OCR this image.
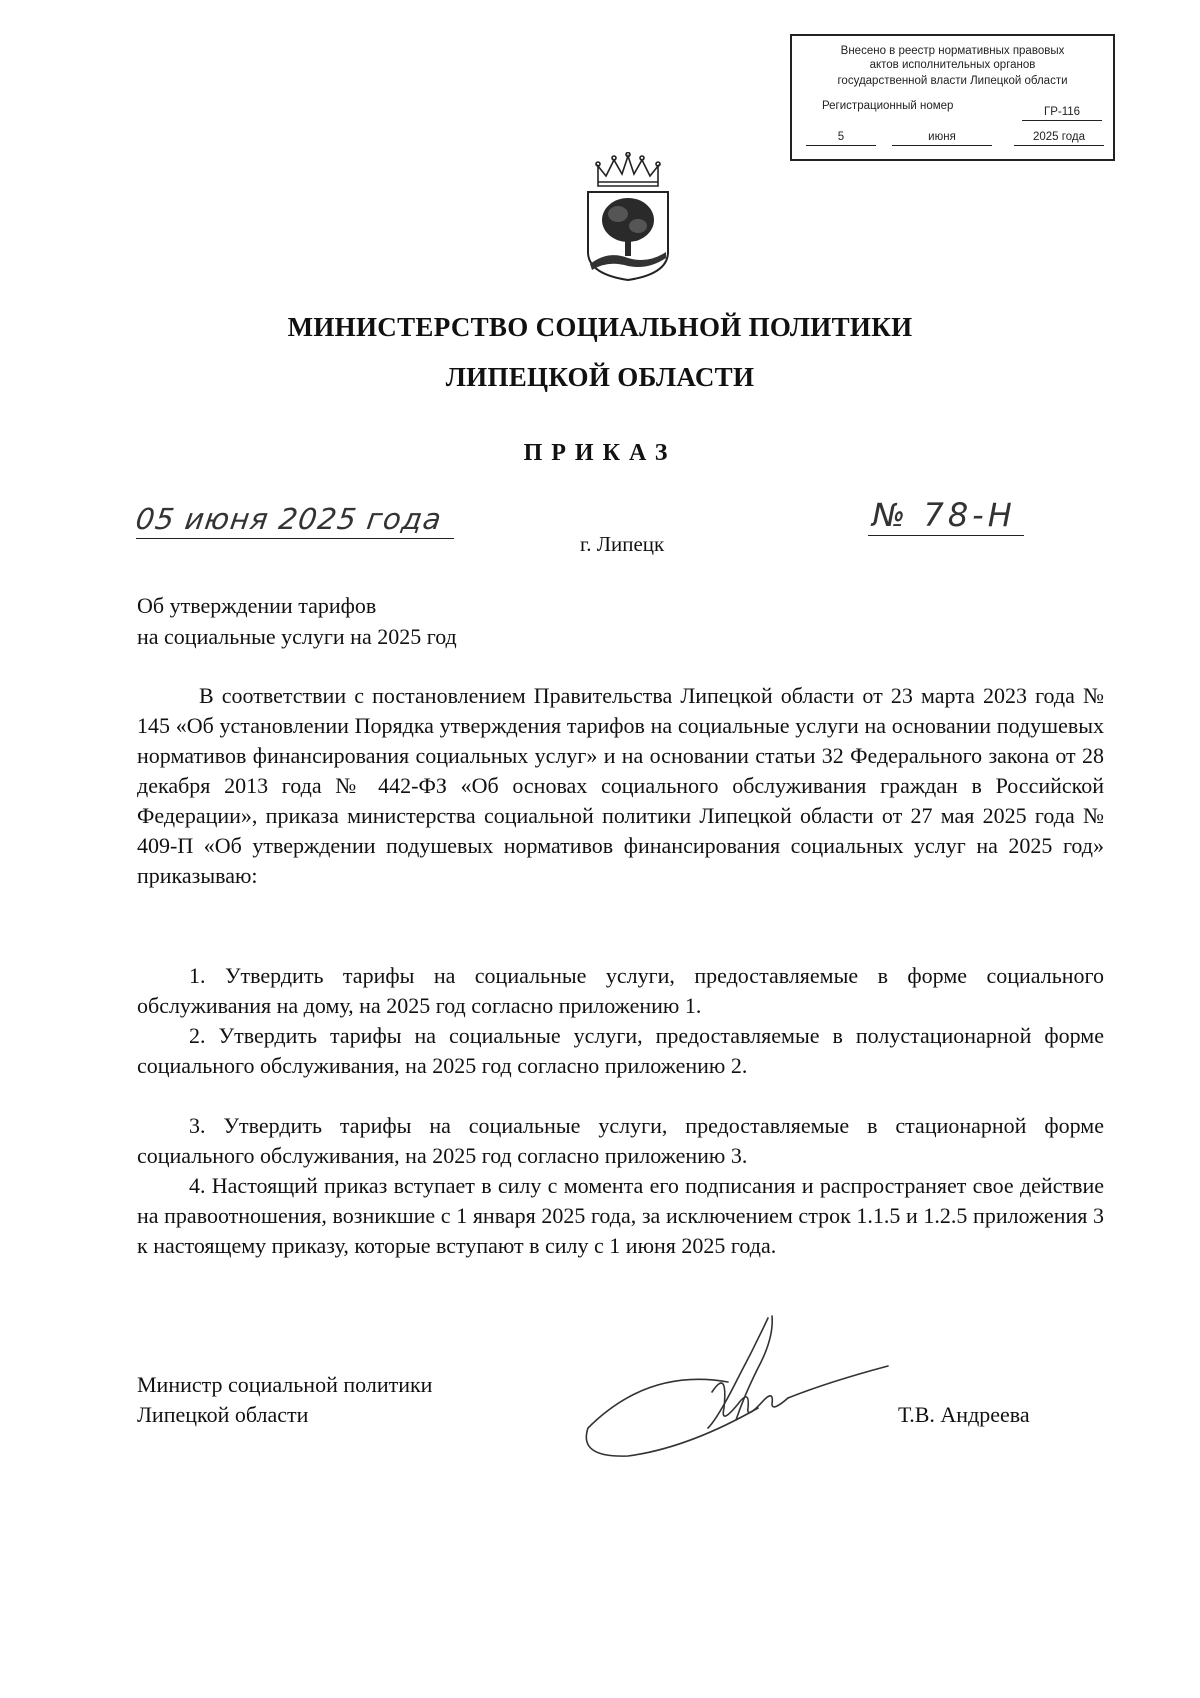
Внесено в реестр нормативных правовых
актов исполнительных органов
государственной власти Липецкой области
Регистрационный номер	ГР-116
5	июня	2025 года
МИНИСТЕРСТВО СОЦИАЛЬНОЙ ПОЛИТИКИ
ЛИПЕЦКОЙ ОБЛАСТИ
ПРИКАЗ
05 июня 2025 года	№ 78-Н
г. Липецк
Об утверждении тарифов
на социальные услуги на 2025 год
В соответствии с постановлением Правительства Липецкой области от 23 марта 2023 года № 145 «Об установлении Порядка утверждения тарифов на социальные услуги на основании подушевых нормативов финансирования социальных услуг» и на основании статьи 32 Федерального закона от 28 декабря 2013 года № 442-ФЗ «Об основах социального обслуживания граждан в Российской Федерации», приказа министерства социальной политики Липецкой области от 27 мая 2025 года № 409-П «Об утверждении подушевых нормативов финансирования социальных услуг на 2025 год» приказываю:
1. Утвердить тарифы на социальные услуги, предоставляемые в форме социального обслуживания на дому, на 2025 год согласно приложению 1.
2. Утвердить тарифы на социальные услуги, предоставляемые в полустационарной форме социального обслуживания, на 2025 год согласно приложению 2.
3. Утвердить тарифы на социальные услуги, предоставляемые в стационарной форме социального обслуживания, на 2025 год согласно приложению 3.
4. Настоящий приказ вступает в силу с момента его подписания и распространяет свое действие на правоотношения, возникшие с 1 января 2025 года, за исключением строк 1.1.5 и 1.2.5 приложения 3 к настоящему приказу, которые вступают в силу с 1 июня 2025 года.
Министр социальной политики
Липецкой области	Т.В. Андреева
